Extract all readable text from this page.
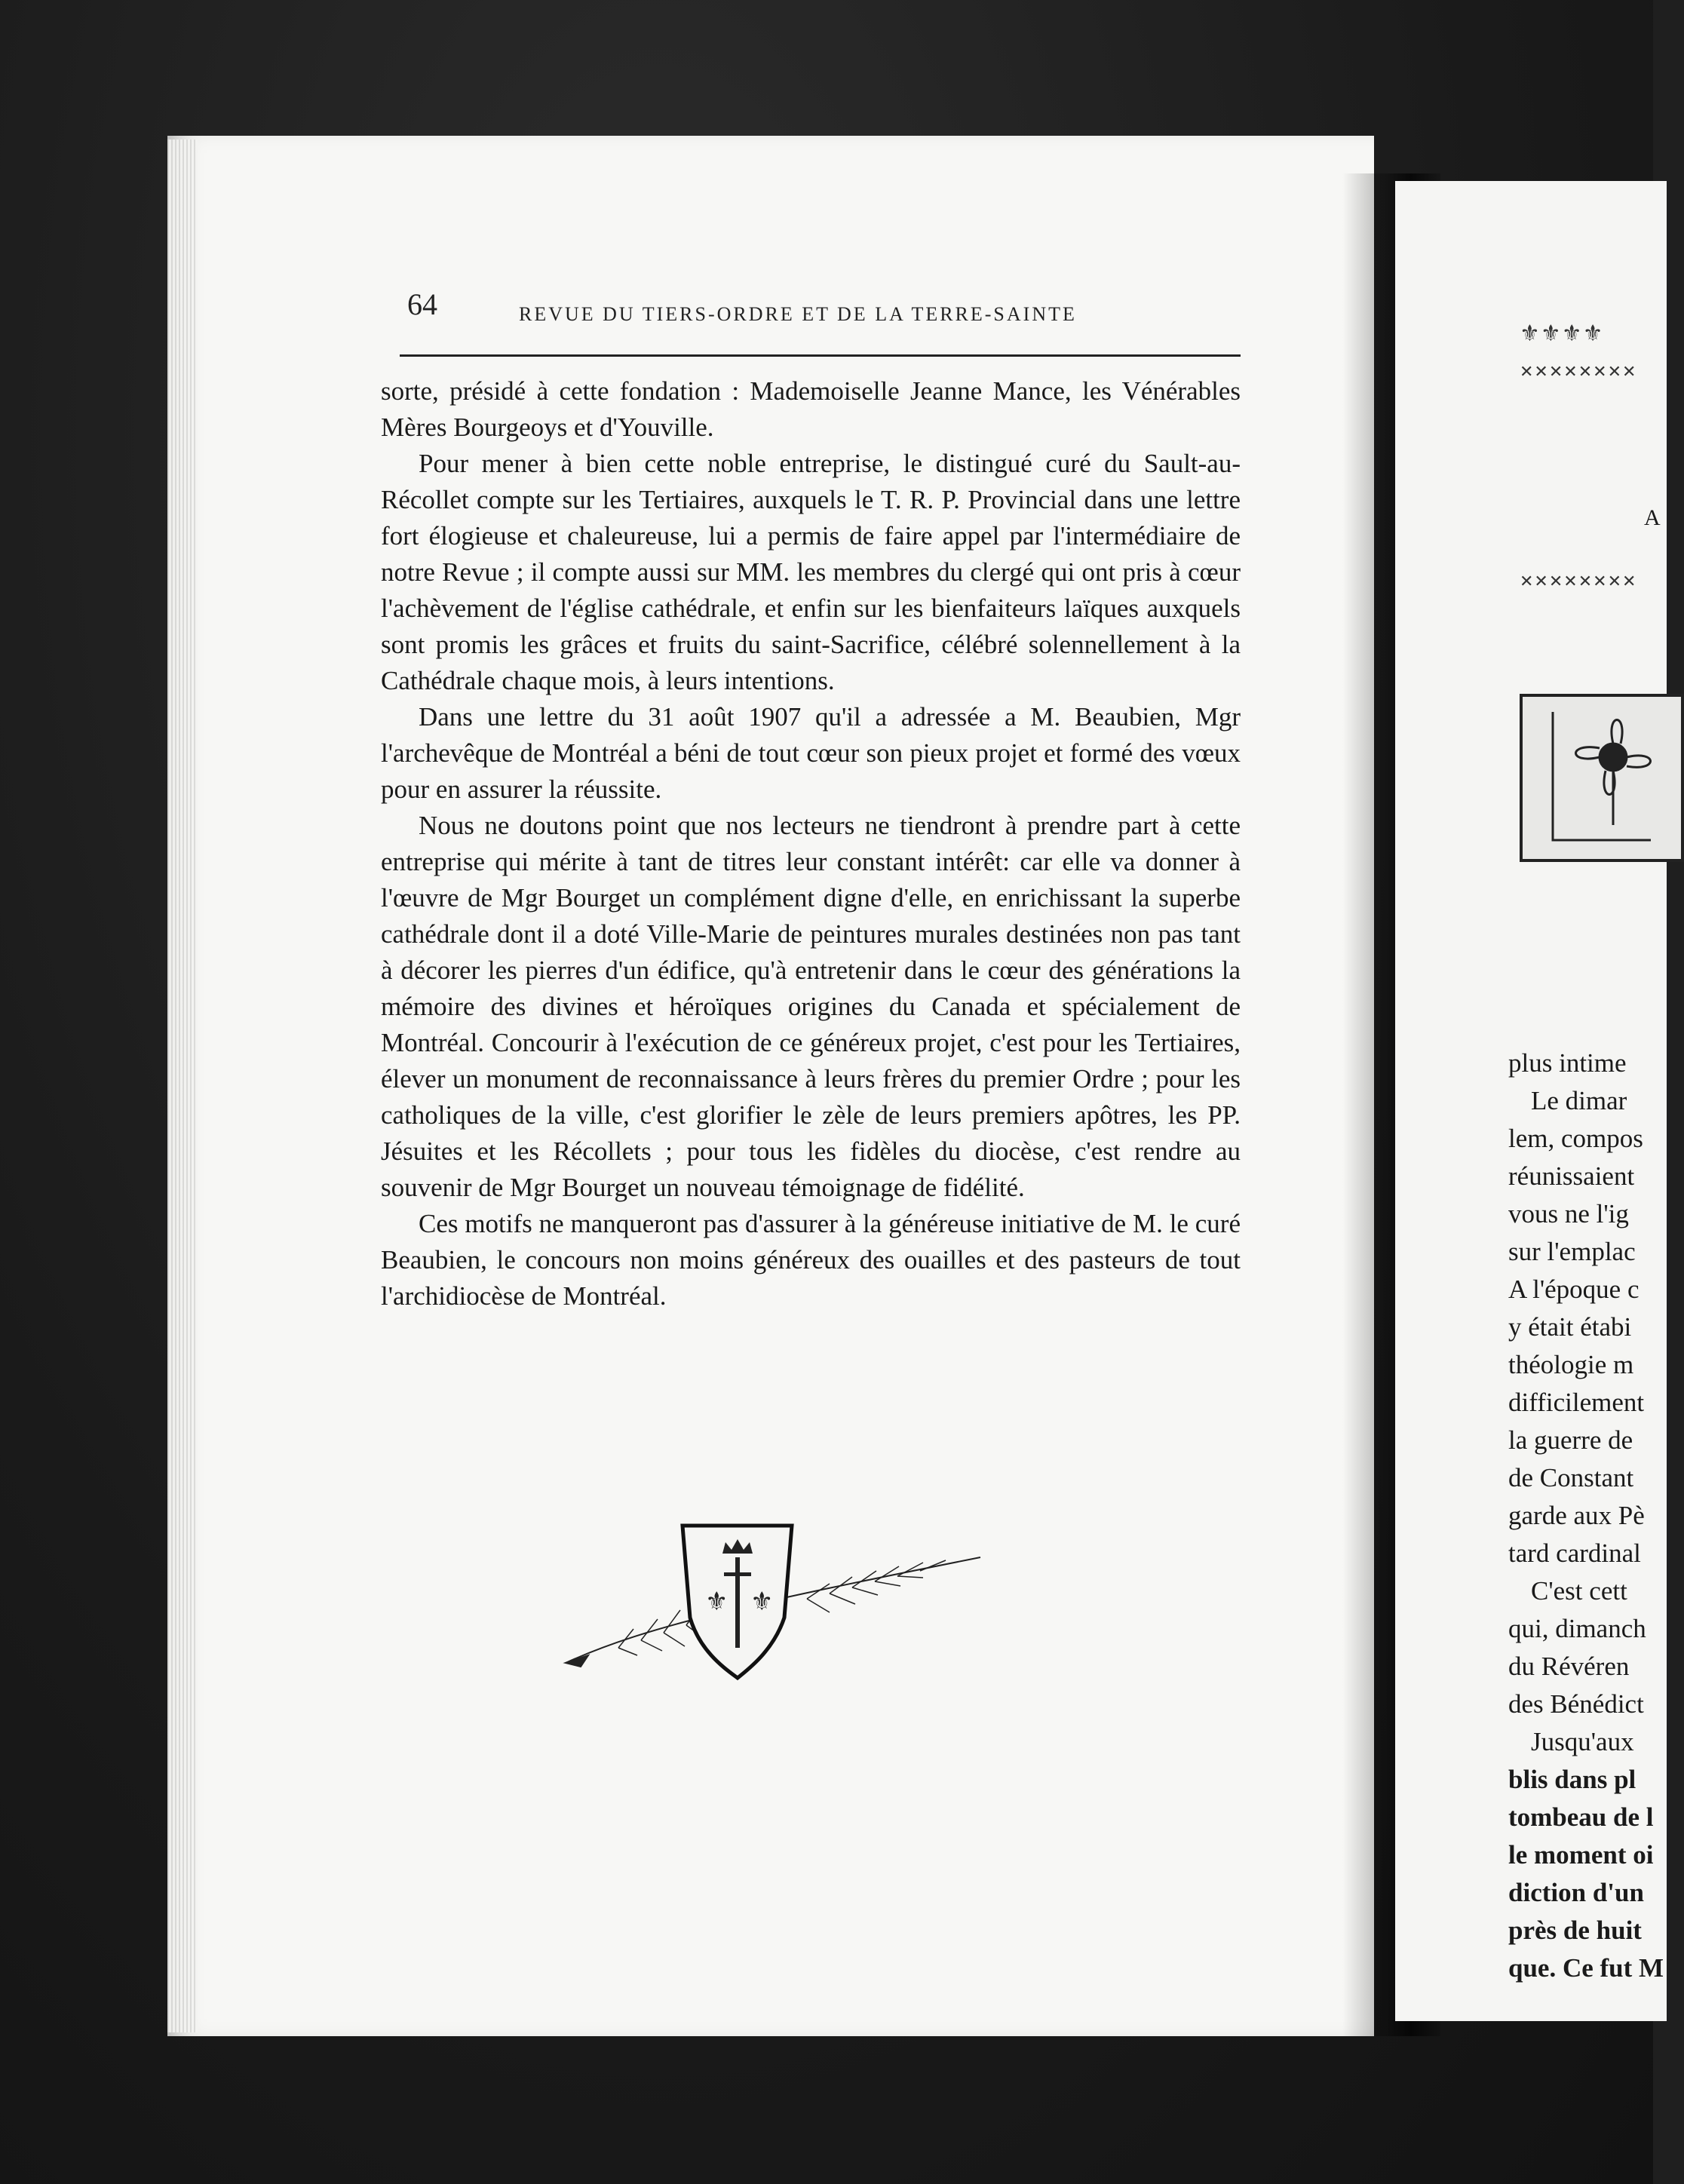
64	REVUE DU TIERS-ORDRE ET DE LA TERRE-SAINTE

sorte, présidé à cette fondation : Mademoiselle Jeanne Mance, les Vénérables Mères Bourgeoys et d'Youville.

Pour mener à bien cette noble entreprise, le distingué curé du Sault-au-Récollet compte sur les Tertiaires, auxquels le T. R. P. Provincial dans une lettre fort élogieuse et chaleureuse, lui a permis de faire appel par l'intermédiaire de notre Revue ; il compte aussi sur MM. les membres du clergé qui ont pris à cœur l'achèvement de l'église cathédrale, et enfin sur les bienfaiteurs laïques auxquels sont promis les grâces et fruits du saint-Sacrifice, célébré solennellement à la Cathédrale chaque mois, à leurs intentions.

Dans une lettre du 31 août 1907 qu'il a adressée a M. Beaubien, Mgr l'archevêque de Montréal a béni de tout cœur son pieux projet et formé des vœux pour en assurer la réussite.

Nous ne doutons point que nos lecteurs ne tiendront à prendre part à cette entreprise qui mérite à tant de titres leur constant intérêt: car elle va donner à l'œuvre de Mgr Bourget un complément digne d'elle, en enrichissant la superbe cathédrale dont il a doté Ville-Marie de peintures murales destinées non pas tant à décorer les pierres d'un édifice, qu'à entretenir dans le cœur des générations la mémoire des divines et héroïques origines du Canada et spécialement de Montréal. Concourir à l'exécution de ce généreux projet, c'est pour les Tertiaires, élever un monument de reconnaissance à leurs frères du premier Ordre ; pour les catholiques de la ville, c'est glorifier le zèle de leurs premiers apôtres, les PP. Jésuites et les Récollets ; pour tous les fidèles du diocèse, c'est rendre au souvenir de Mgr Bourget un nouveau témoignage de fidélité.

Ces motifs ne manqueront pas d'assurer à la généreuse initiative de M. le curé Beaubien, le concours non moins généreux des ouailles et des pasteurs de tout l'archidiocèse de Montréal.

⚜ ⚜
⚜⚜⚜⚜
✕✕✕✕✕✕✕✕
A
✕✕✕✕✕✕✕✕
plus intime
Le dimar
lem, compos
réunissaient
vous ne l'ig
sur l'emplac
A l'époque c
y était étabi
théologie m
difficilement
la guerre de
de Constant
garde aux Pè
tard cardinal
C'est cett
qui, dimanch
du Révéren
des Bénédict
Jusqu'aux
blis dans pl
tombeau de l
le moment oi
diction d'un
près de huit
que. Ce fut M
